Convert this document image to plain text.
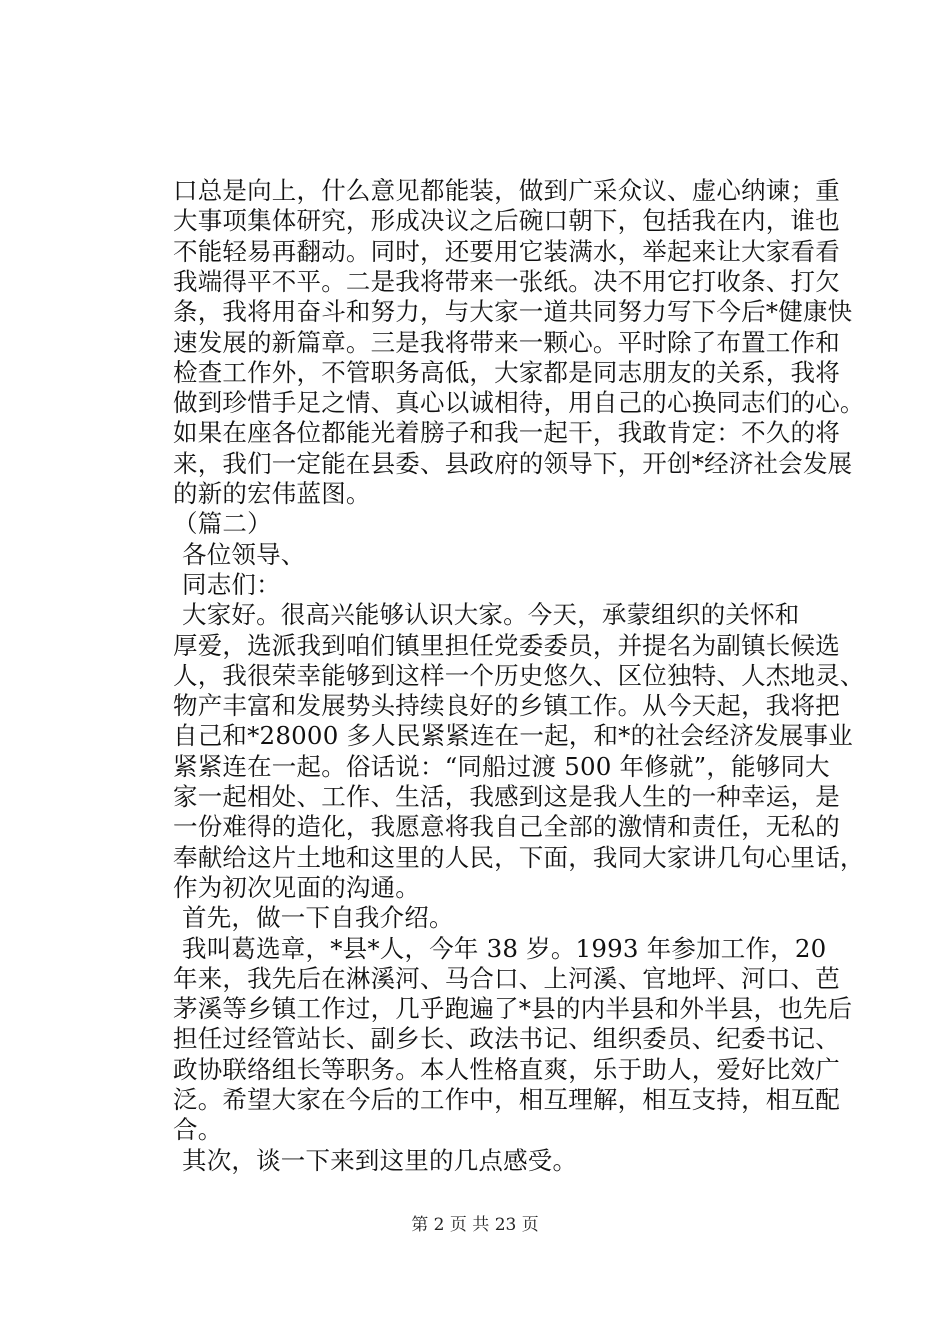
口总是向上，什么意见都能装，做到广采众议、虚心纳谏；重
大事项集体研究，形成决议之后碗口朝下，包括我在内，谁也
不能轻易再翻动。同时，还要用它装满水，举起来让大家看看
我端得平不平。二是我将带来一张纸。决不用它打收条、打欠
条，我将用奋斗和努力，与大家一道共同努力写下今后*健康快
速发展的新篇章。三是我将带来一颗心。平时除了布置工作和
检查工作外，不管职务高低，大家都是同志朋友的关系，我将
做到珍惜手足之情、真心以诚相待，用自己的心换同志们的心。
如果在座各位都能光着膀子和我一起干，我敢肯定：不久的将
来，我们一定能在县委、县政府的领导下，开创*经济社会发展
的新的宏伟蓝图。
（篇二）
各位领导、
同志们：
大家好。很高兴能够认识大家。今天，承蒙组织的关怀和
厚爱，选派我到咱们镇里担任党委委员，并提名为副镇长候选
人，我很荣幸能够到这样一个历史悠久、区位独特、人杰地灵、
物产丰富和发展势头持续良好的乡镇工作。从今天起，我将把
自己和*28000 多人民紧紧连在一起，和*的社会经济发展事业
紧紧连在一起。俗话说：“同船过渡 500 年修就”，能够同大
家一起相处、工作、生活，我感到这是我人生的一种幸运，是
一份难得的造化，我愿意将我自己全部的激情和责任，无私的
奉献给这片土地和这里的人民，下面，我同大家讲几句心里话，
作为初次见面的沟通。
首先，做一下自我介绍。
我叫葛选章，*县*人，今年 38 岁。1993 年参加工作，20
年来，我先后在淋溪河、马合口、上河溪、官地坪、河口、芭
茅溪等乡镇工作过，几乎跑遍了*县的内半县和外半县，也先后
担任过经管站长、副乡长、政法书记、组织委员、纪委书记、
政协联络组长等职务。本人性格直爽，乐于助人，爱好比效广
泛。希望大家在今后的工作中，相互理解，相互支持，相互配
合。
其次，谈一下来到这里的几点感受。
第 2 页 共 23 页
